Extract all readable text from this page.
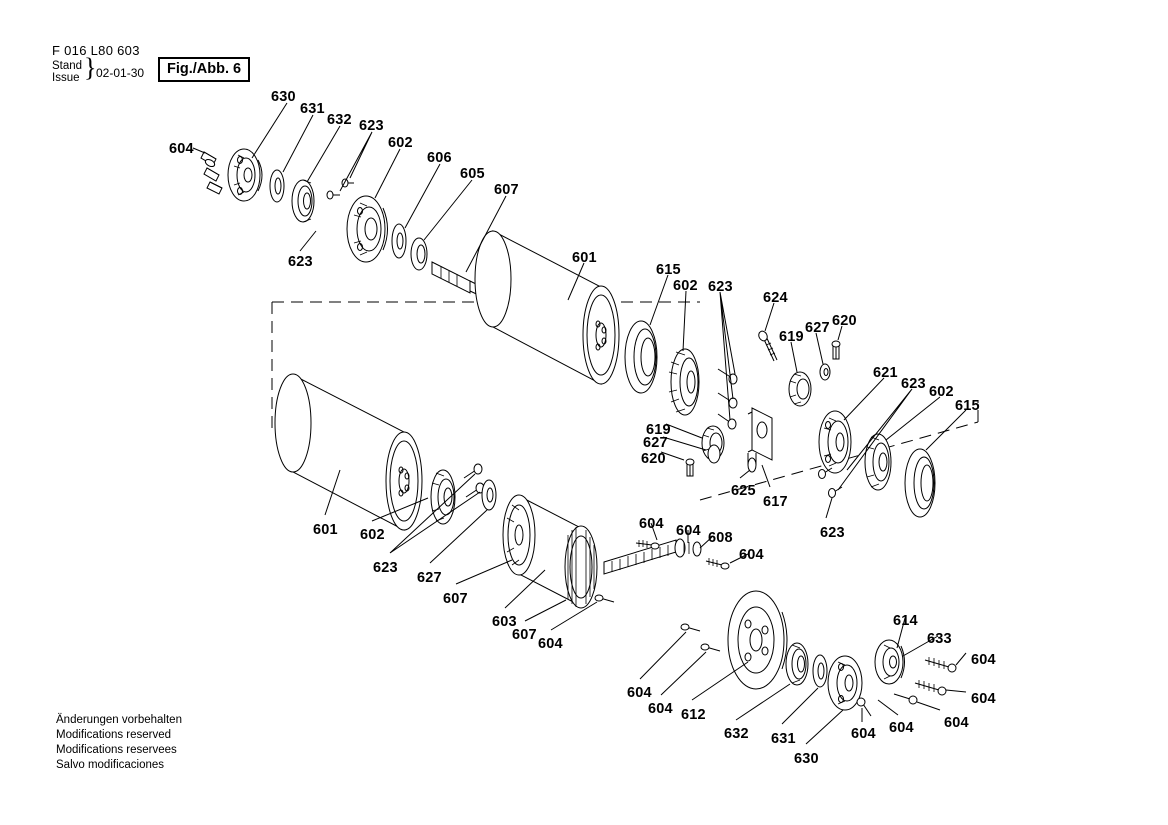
F 016 L80 603
Stand
Issue } 02-01-30	Fig./Abb. 6
Änderungen vorbehalten
Modifications reserved
Modifications reservees
Salvo modificaciones
630
631
632 623
602
604
606
605
607
623	601
615
602 623
624
619
627 620
621
623 602
615
619
627
620
625
617
623
601 602
623
627
607
603
607
604
604 604 608
604
604
604 612
632 631
630
614
633
604
604
604
604
604
